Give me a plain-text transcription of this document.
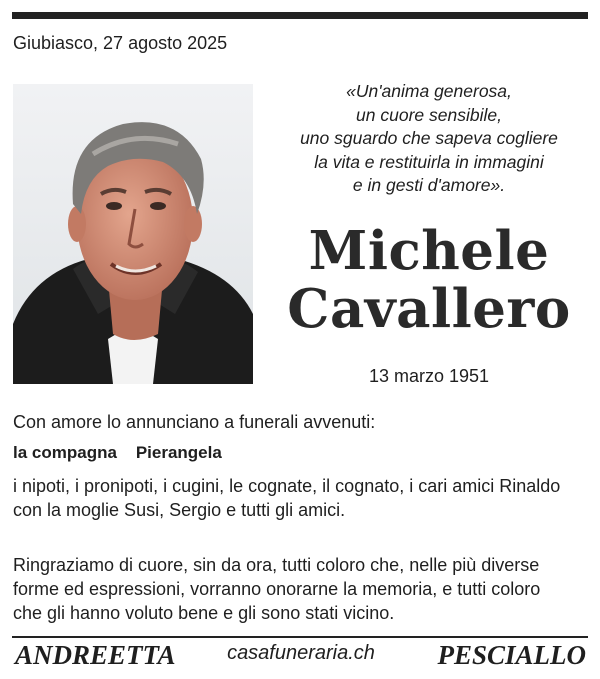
Giubiasco, 27 agosto 2025
«Un'anima generosa,
un cuore sensibile,
uno sguardo che sapeva cogliere
la vita e restituirla in immagini
e in gesti d'amore».
Michele
Cavallero
13 marzo 1951
Con amore lo annunciano a funerali avvenuti:
la compagna Pierangela
i nipoti, i pronipoti, i cugini, le cognate, il cognato, i cari amici Rinaldo
con la moglie Susi, Sergio e tutti gli amici.
Ringraziamo di cuore, sin da ora, tutti coloro che, nelle più diverse
forme ed espressioni, vorranno onorarne la memoria, e tutti coloro
che gli hanno voluto bene e gli sono stati vicino.
ANDREETTA	casafuneraria.ch	PESCIALLO
